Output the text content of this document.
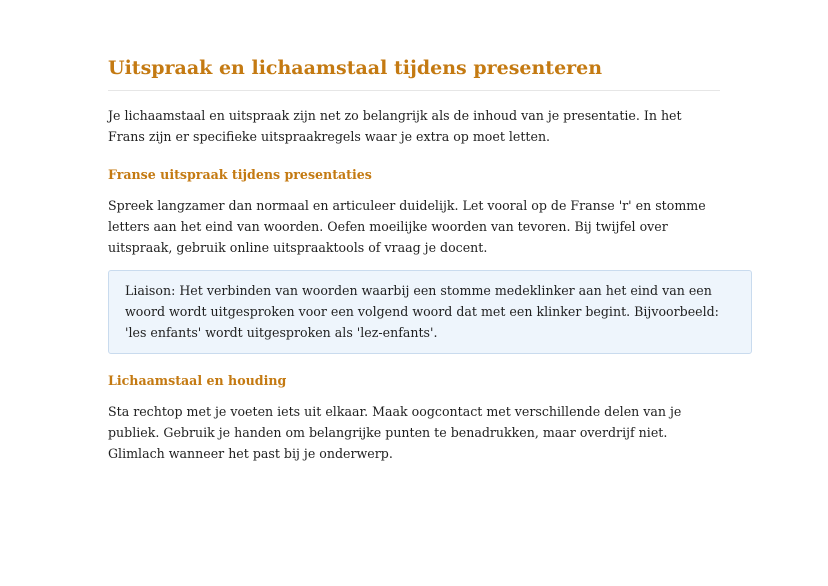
Uitspraak en lichaamstaal tijdens presenteren

Je lichaamstaal en uitspraak zijn net zo belangrijk als de inhoud van je presentatie. In het Frans zijn er specifieke uitspraakregels waar je extra op moet letten.

Franse uitspraak tijdens presentaties

Spreek langzamer dan normaal en articuleer duidelijk. Let vooral op de Franse 'r' en stomme letters aan het eind van woorden. Oefen moeilijke woorden van tevoren. Bij twijfel over uitspraak, gebruik online uitspraaktools of vraag je docent.

Liaison: Het verbinden van woorden waarbij een stomme medeklinker aan het eind van een woord wordt uitgesproken voor een volgend woord dat met een klinker begint. Bijvoorbeeld: 'les enfants' wordt uitgesproken als 'lez-enfants'.
Lichaamstaal en houding

Sta rechtop met je voeten iets uit elkaar. Maak oogcontact met verschillende delen van je publiek. Gebruik je handen om belangrijke punten te benadrukken, maar overdrijf niet. Glimlach wanneer het past bij je onderwerp.
